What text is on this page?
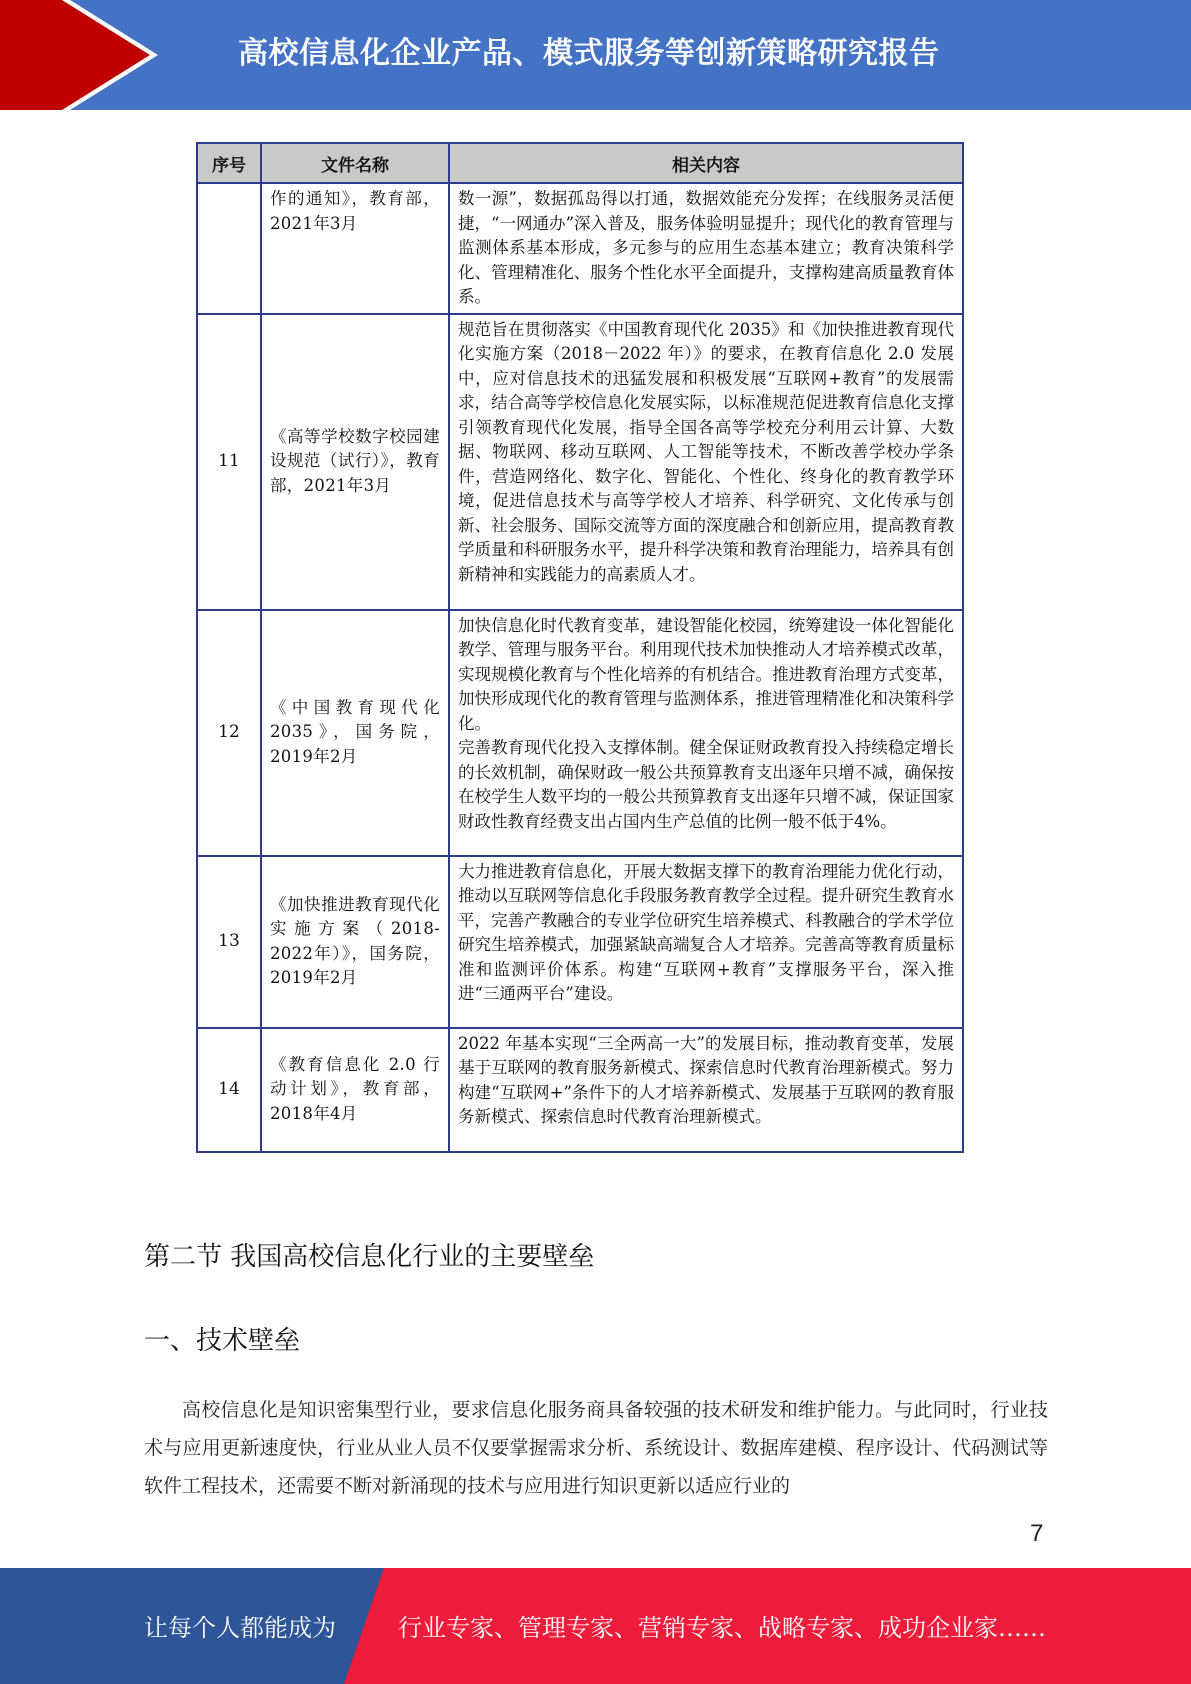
高校信息化企业产品、模式服务等创新策略研究报告
序号	文件名称	相关内容
	作的通知》，教育部，2021年3月	数一源”，数据孤岛得以打通，数据效能充分发挥；在线服务灵活便捷，“一网通办”深入普及，服务体验明显提升；现代化的教育管理与监测体系基本形成，多元参与的应用生态基本建立；教育决策科学化、管理精准化、服务个性化水平全面提升，支撑构建高质量教育体系。

11	《高等学校数字校园建设规范（试行）》，教育部，2021年3月	规范旨在贯彻落实《中国教育现代化 2035》和《加快推进教育现代化实施方案（2018－2022 年）》的要求，在教育信息化 2.0 发展中，应对信息技术的迅猛发展和积极发展“互联网+教育”的发展需求，结合高等学校信息化发展实际，以标准规范促进教育信息化支撑引领教育现代化发展，指导全国各高等学校充分利用云计算、大数据、物联网、移动互联网、人工智能等技术，不断改善学校办学条件，营造网络化、数字化、智能化、个性化、终身化的教育教学环境，促进信息技术与高等学校人才培养、科学研究、文化传承与创新、社会服务、国际交流等方面的深度融合和创新应用，提高教育教学质量和科研服务水平，提升科学决策和教育治理能力，培养具有创新精神和实践能力的高素质人才。

12	《中国教育现代化2035》，国务院，2019年2月	加快信息化时代教育变革，建设智能化校园，统筹建设一体化智能化教学、管理与服务平台。利用现代技术加快推动人才培养模式改革，实现规模化教育与个性化培养的有机结合。推进教育治理方式变革，加快形成现代化的教育管理与监测体系，推进管理精准化和决策科学化。

完善教育现代化投入支撑体制。健全保证财政教育投入持续稳定增长的长效机制，确保财政一般公共预算教育支出逐年只增不减，确保按在校学生人数平均的一般公共预算教育支出逐年只增不减，保证国家财政性教育经费支出占国内生产总值的比例一般不低于4%。

13	《加快推进教育现代化实施方案（2018-2022年）》，国务院，2019年2月	大力推进教育信息化，开展大数据支撑下的教育治理能力优化行动，推动以互联网等信息化手段服务教育教学全过程。提升研究生教育水平，完善产教融合的专业学位研究生培养模式、科教融合的学术学位研究生培养模式，加强紧缺高端复合人才培养。完善高等教育质量标准和监测评价体系。构建“互联网+教育”支撑服务平台，深入推进“三通两平台”建设。

14	《教育信息化 2.0 行动计划》，教育部，2018年4月	2022 年基本实现“三全两高一大”的发展目标，推动教育变革，发展基于互联网的教育服务新模式、探索信息时代教育治理新模式。努力构建“互联网+”条件下的人才培养新模式、发展基于互联网的教育服务新模式、探索信息时代教育治理新模式。

第二节 我国高校信息化行业的主要壁垒
一、技术壁垒

高校信息化是知识密集型行业，要求信息化服务商具备较强的技术研发和维护能力。与此同时，行业技术与应用更新速度快，行业从业人员不仅要掌握需求分析、系统设计、数据库建模、程序设计、代码测试等软件工程技术，还需要不断对新涌现的技术与应用进行知识更新以适应行业的

7
让每个人都能成为	行业专家、管理专家、营销专家、战略专家、成功企业家……
